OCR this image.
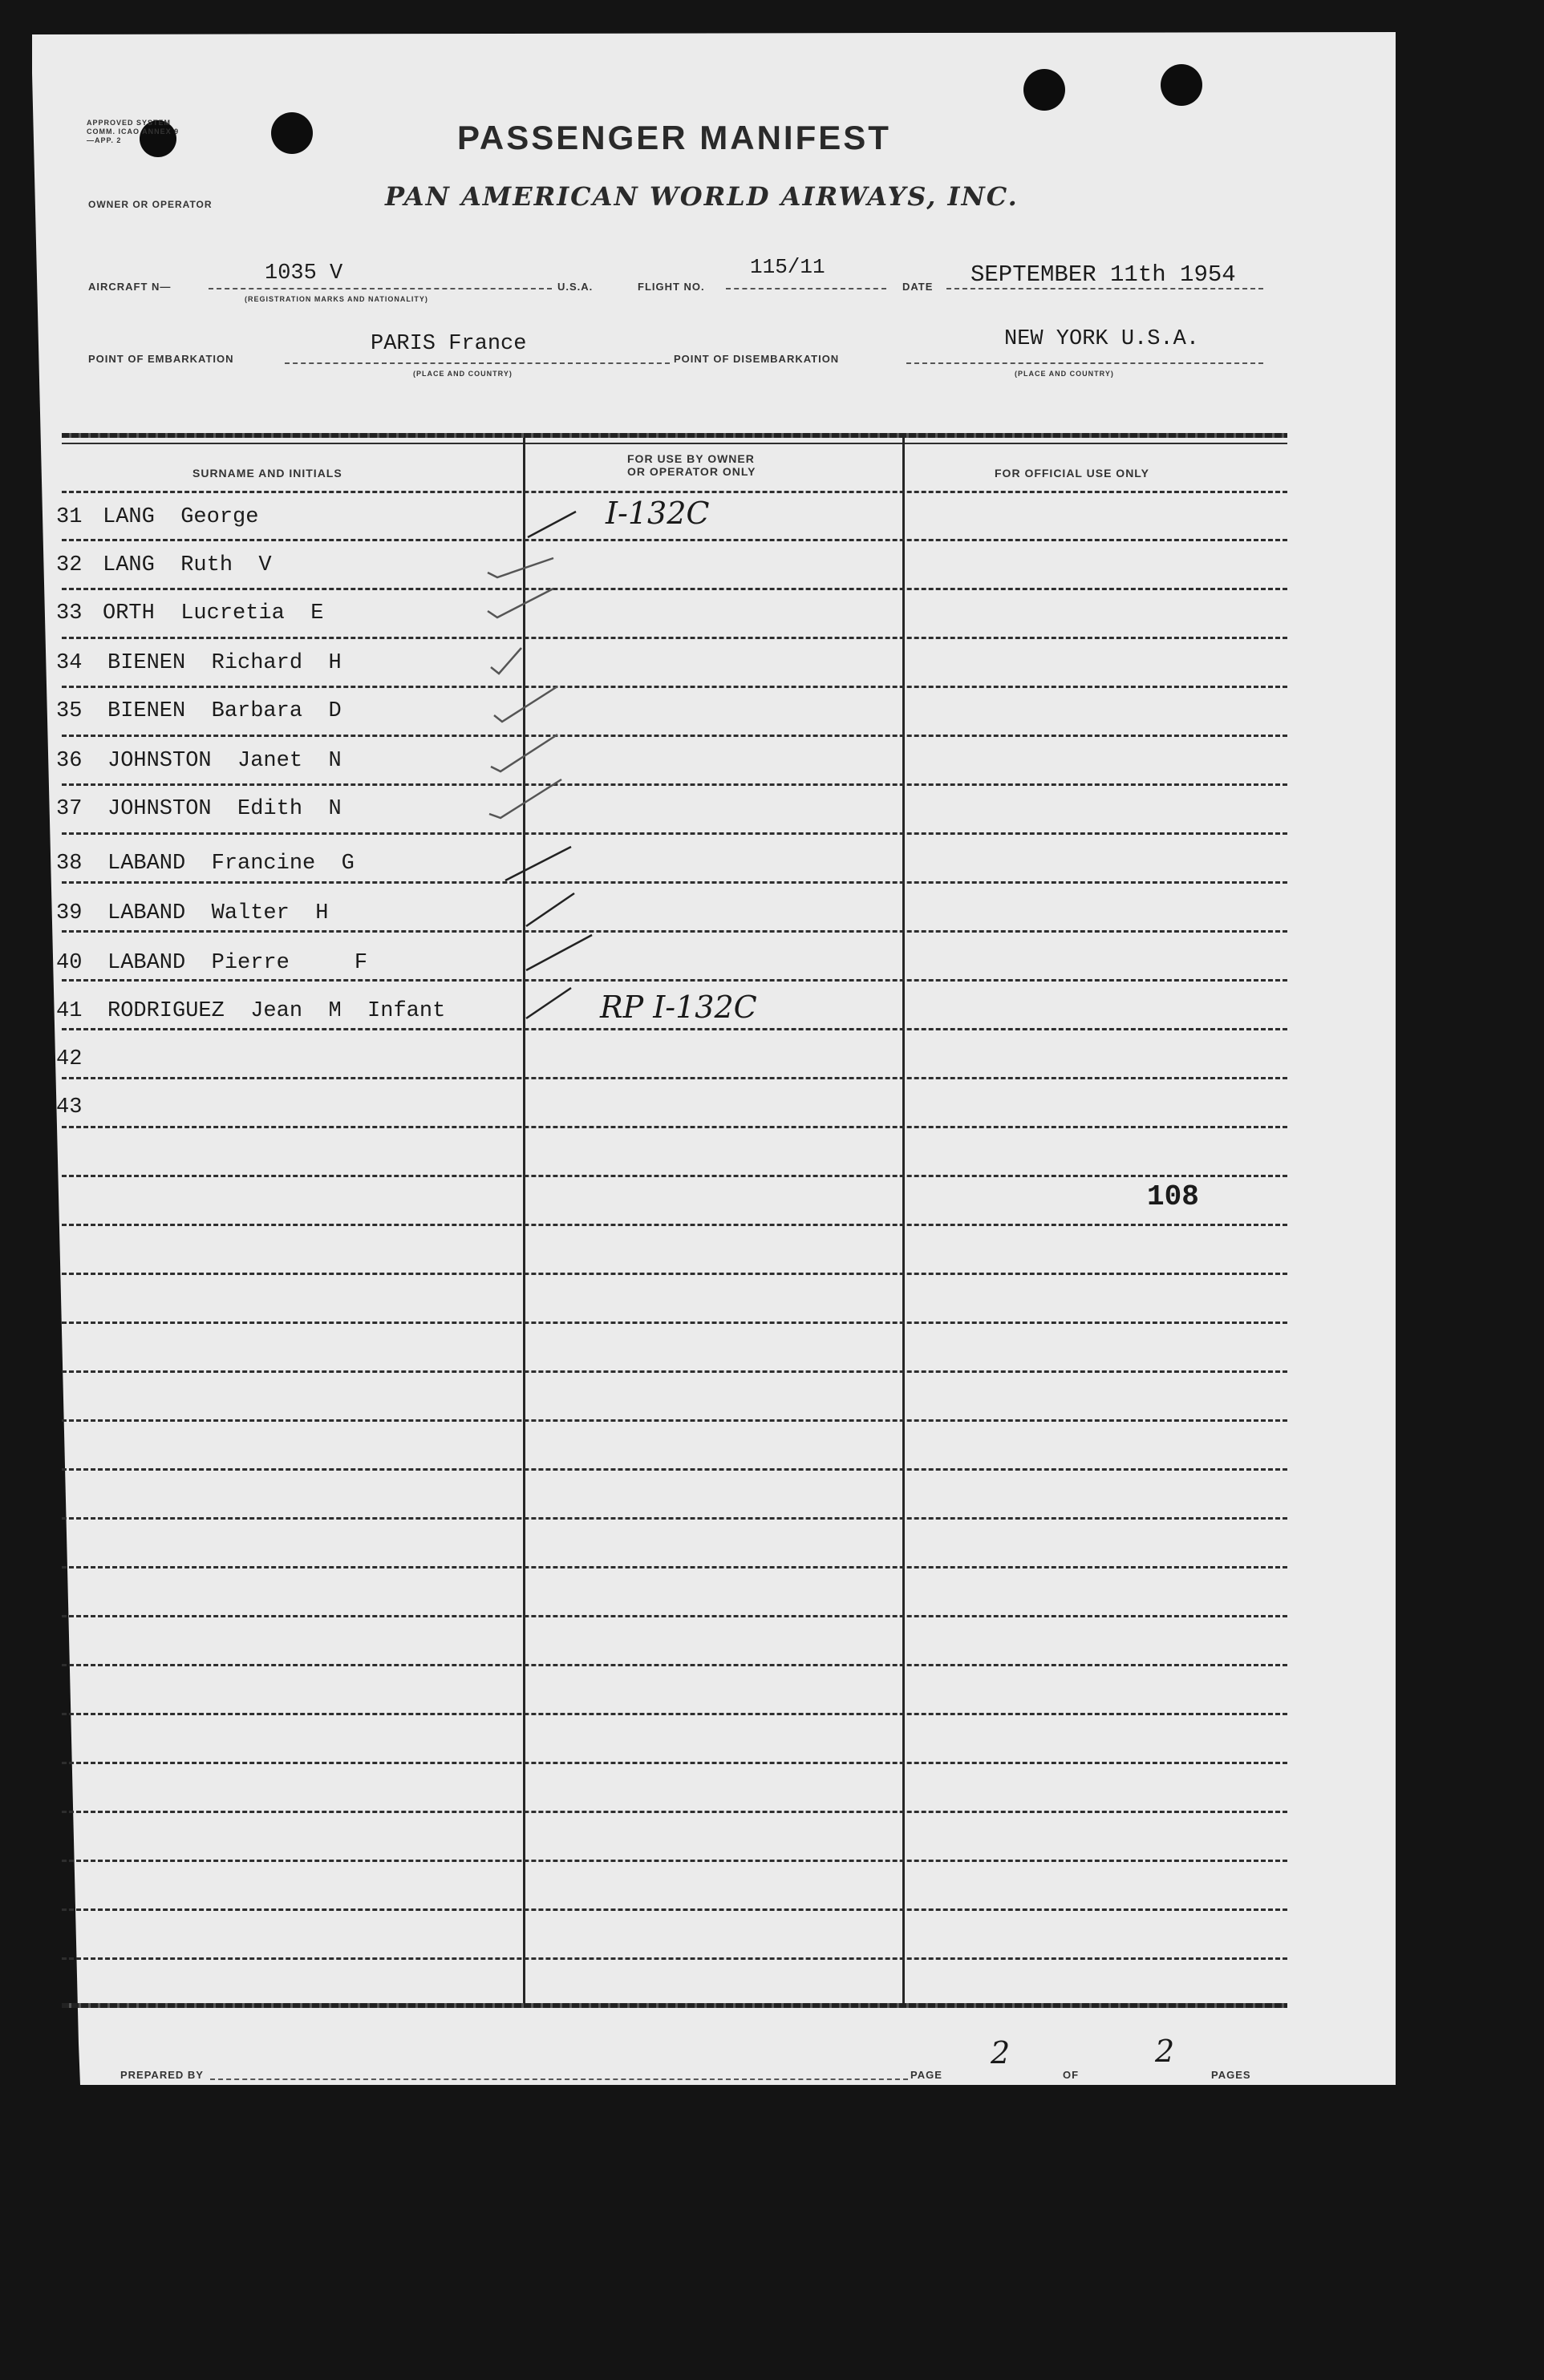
APPROVED SYSTEM COMM. ICAO ANNEX 9—APP. 2	PASSENGER MANIFEST
OWNER OR OPERATOR	PAN AMERICAN WORLD AIRWAYS, INC.
AIRCRAFT N—
1035 V
(REGISTRATION MARKS AND NATIONALITY)
U.S.A.	FLIGHT NO.
115/11
DATE SEPTEMBER 11th 1954
POINT OF EMBARKATION
PARIS France
(PLACE AND COUNTRY)
POINT OF DISEMBARKATION
NEW YORK U.S.A.
(PLACE AND COUNTRY)
SURNAME AND INITIALS
FOR USE BY OWNER
OR OPERATOR ONLY	FOR OFFICIAL USE ONLY
31 LANG  George	I-132C
32 LANG  Ruth  V
33 ORTH  Lucretia  E
34 BIENEN  Richard  H
35 BIENEN  Barbara  D
36 JOHNSTON  Janet  N
37 JOHNSTON  Edith  N
38 LABAND  Francine  G
39 LABAND  Walter  H
40 LABAND  Pierre     F
41 RODRIGUEZ  Jean  M  Infant	RP I-132C
42
43
108
PREPARED BY	PAGE
2
OF
2
PAGES
